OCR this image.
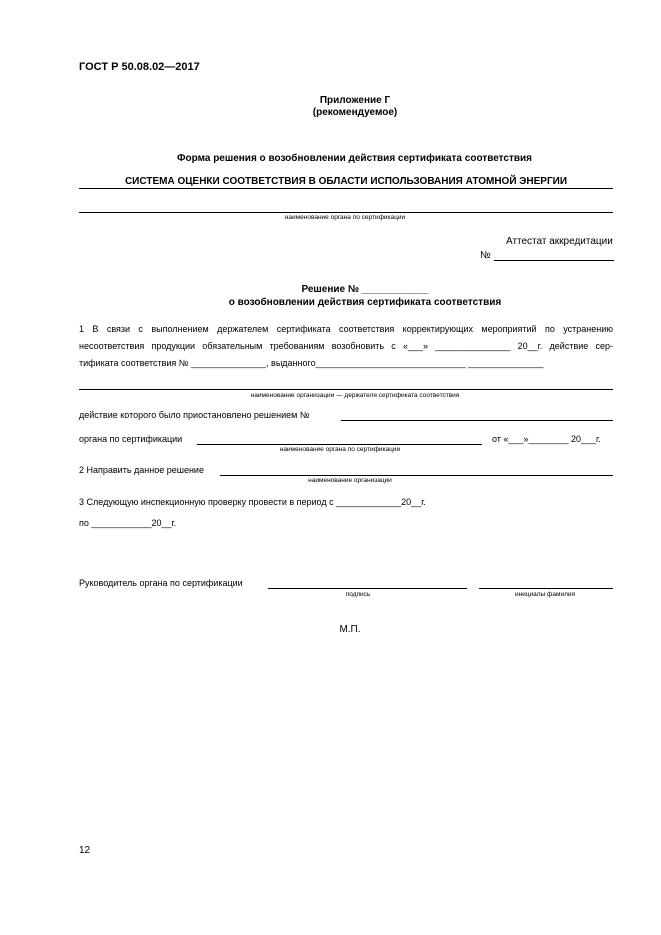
ГОСТ Р 50.08.02—2017
Приложение Г
(рекомендуемое)
Форма решения о возобновлении действия сертификата соответствия
СИСТЕМА ОЦЕНКИ СООТВЕТСТВИЯ В ОБЛАСТИ ИСПОЛЬЗОВАНИЯ АТОМНОЙ ЭНЕРГИИ
наименование органа по сертификации
Аттестат аккредитации
№
Решение № ____________
о возобновлении действия сертификата соответствия
1 В связи с выполнением держателем сертификата соответствия корректирующих мероприятий по устранению
несоответствия продукции обязательным требованиям возобновить с «___» _______________ 20__г. действие сер-
тификата соответствия № _______________, выданного______________________________ _______________
наименование организации — держателя сертификата соответствия
действие которого было приостановлено решением №
органа по сертификации	от «___»________ 20___г.
наименование органа по сертификации
2 Направить данное решение
наименование организации
3 Следующую инспекционную проверку провести в период с _____________20__г.
по ____________20__г.
Руководитель органа по сертификации
подпись	инициалы фамилия
М.П.
12
